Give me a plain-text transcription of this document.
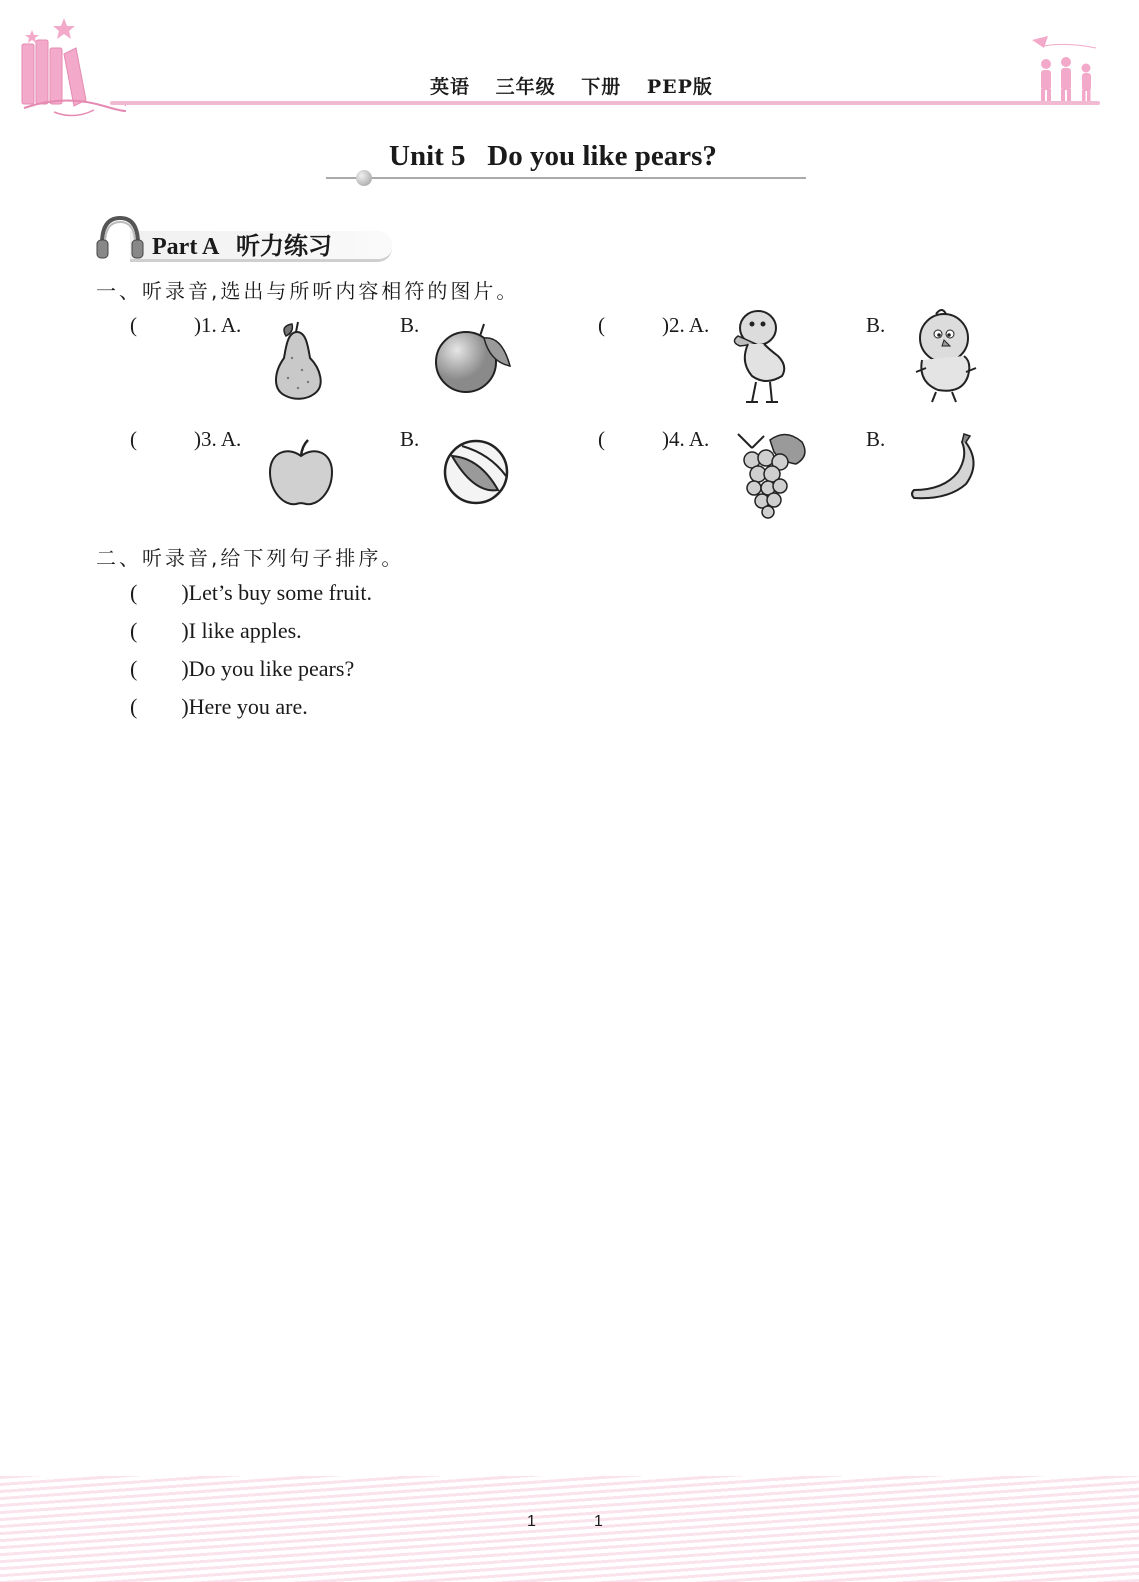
英语 三年级 下册 PEP版
Unit 5   Do you like pears?
Part A   听力练习
一、听录音,选出与所听内容相符的图片。
(	)1. A.	B.	(	)2. A.	B.
(	)3. A.	B.	(	)4. A.	B.
二、听录音,给下列句子排序。
(        )Let’s buy some fruit.
(        )I like apples.
(        )Do you like pears?
(        )Here you are.
1	1
